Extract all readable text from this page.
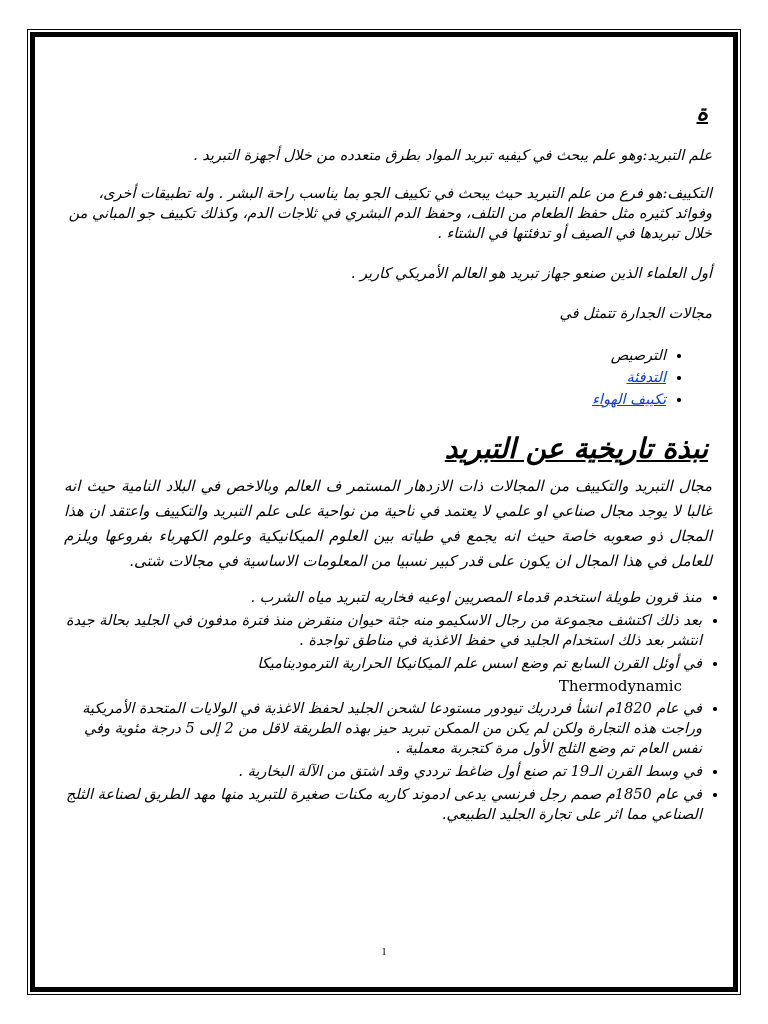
ة

علم التبريد:وهو علم يبحث في كيفيه تبريد المواد بطرق متعدده من خلال أجهزة التبريد .

التكييف:هو فرع من علم التبريد حيث يبحث في تكييف الجو بما يناسب راحة البشر . وله تطبيقات أخرى، وفوائد كثيره مثل حفظ الطعام من التلف، وحفظ الدم البشري في ثلاجات الدم، وكذلك تكييف جو المباني من خلال تبريدها في الصيف أو تدفئتها في الشتاء .

أول العلماء الذين صنعو جهاز تبريد هو العالم الأمريكي كارير .

مجالات الجدارة تتمثل في

• الترصيص
• التدفئة
• تكييف الهواء
نبذة تاريخية عن التبريد
مجال التبريد والتكييف من المجالات ذات الازدهار المستمر ف العالم وبالاخص في البلاد النامية حيث انه غالبا لا يوجد مجال صناعي او علمي لا يعتمد في ناحية من نواحية على علم التبريد والتكييف واعتقد ان هذا المجال ذو صعوبه خاصة حيث انه يجمع في طياته بين العلوم الميكانيكية وعلوم الكهرباء بفروعها ويلزم للعامل في هذا المجال ان يكون على قدر كبير نسبيا من المعلومات الاساسية في مجالات شتى.
• منذ قرون طويلة استخدم قدماء المصريين اوعيه فخاريه لتبريد مياه الشرب .
• بعد ذلك اكتشف مجموعة من رجال الاسكيمو منه جثة حيوان منقرض منذ فترة مدفون في الجليد بحالة جيدة انتشر بعد ذلك استخدام الجليد في حفظ الاغذية في مناطق تواجدة .
• في أوئل القرن السابع تم وضع اسس علم الميكانيكا الحرارية الترموديناميكا
Thermodynamic
• في عام 1820م انشأ فردريك تيودور مستودعا لشحن الجليد لحفظ الاغذية في الولايات المتحدة الأمريكية وراجت هذه التجارة ولكن لم يكن من الممكن تبريد حيز بهذه الطريقة لاقل من 2 إلى 5 درجة مئوية وفي نفس العام تم وضع الثلج الأول مرة كتجربة معملية .
• في وسط القرن الـ19 تم صنع أول ضاغط ترددي وقد اشتق من الآلة البخارية .
• في عام 1850م صمم رجل فرنسي يدعى ادموند كاريه مكنات صغيرة للتبريد منها مهد الطريق لصناعة الثلج الصناعي مما اثر على تجارة الجليد الطبيعي.
1
